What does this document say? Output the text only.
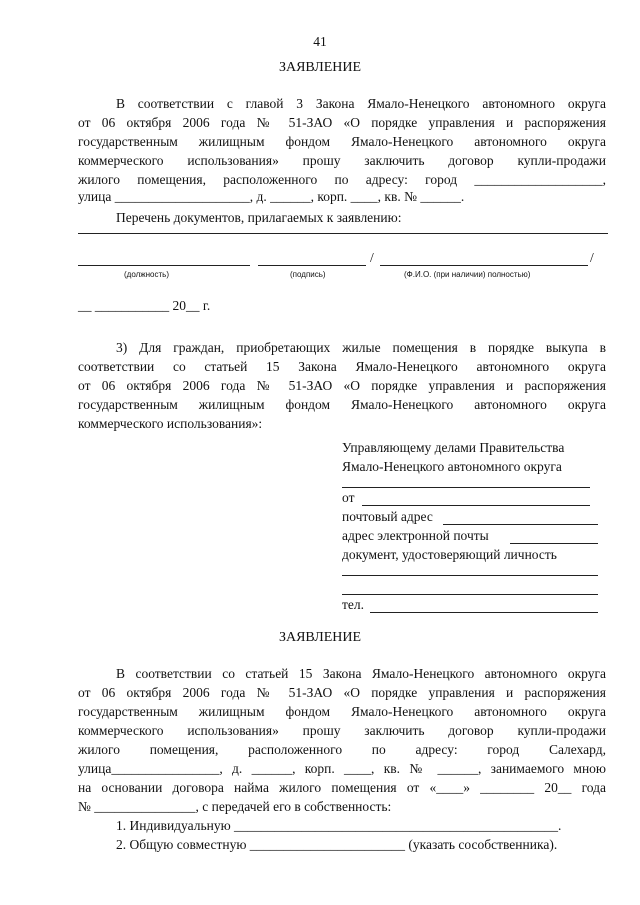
41
ЗАЯВЛЕНИЕ
В соответствии с главой 3 Закона Ямало-Ненецкого автономного округа
от 06 октября 2006 года № 51-ЗАО «О порядке управления и распоряжения
государственным жилищным фондом Ямало-Ненецкого автономного округа
коммерческого использования» прошу заключить договор купли-продажи
жилого помещения, расположенного по адресу: город ___________________,
улица ____________________, д. ______, корп. ____, кв. № ______.
Перечень документов, прилагаемых к заявлению:
/	/
(должность)	(подпись)	(Ф.И.О. (при наличии) полностью)
__ ___________ 20__ г.
3) Для граждан, приобретающих жилые помещения в порядке выкупа в
соответствии со статьей 15 Закона Ямало-Ненецкого автономного округа
от 06 октября 2006 года № 51-ЗАО «О порядке управления и распоряжения
государственным жилищным фондом Ямало-Ненецкого автономного округа
коммерческого использования»:
Управляющему делами Правительства
Ямало-Ненецкого автономного округа
от
почтовый адрес
адрес электронной почты
документ, удостоверяющий личность
тел.
ЗАЯВЛЕНИЕ
В соответствии со статьей 15 Закона Ямало-Ненецкого автономного округа
от 06 октября 2006 года № 51-ЗАО «О порядке управления и распоряжения
государственным жилищным фондом Ямало-Ненецкого автономного округа
коммерческого использования» прошу заключить договор купли-продажи
жилого помещения, расположенного по адресу: город Салехард,
улица________________, д. ______, корп. ____, кв. № ______, занимаемого мною
на основании договора найма жилого помещения от «____» ________ 20__ года
№ _______________, с передачей его в собственность:
1. Индивидуальную ________________________________________________.
2. Общую совместную _______________________ (указать сособственника).
